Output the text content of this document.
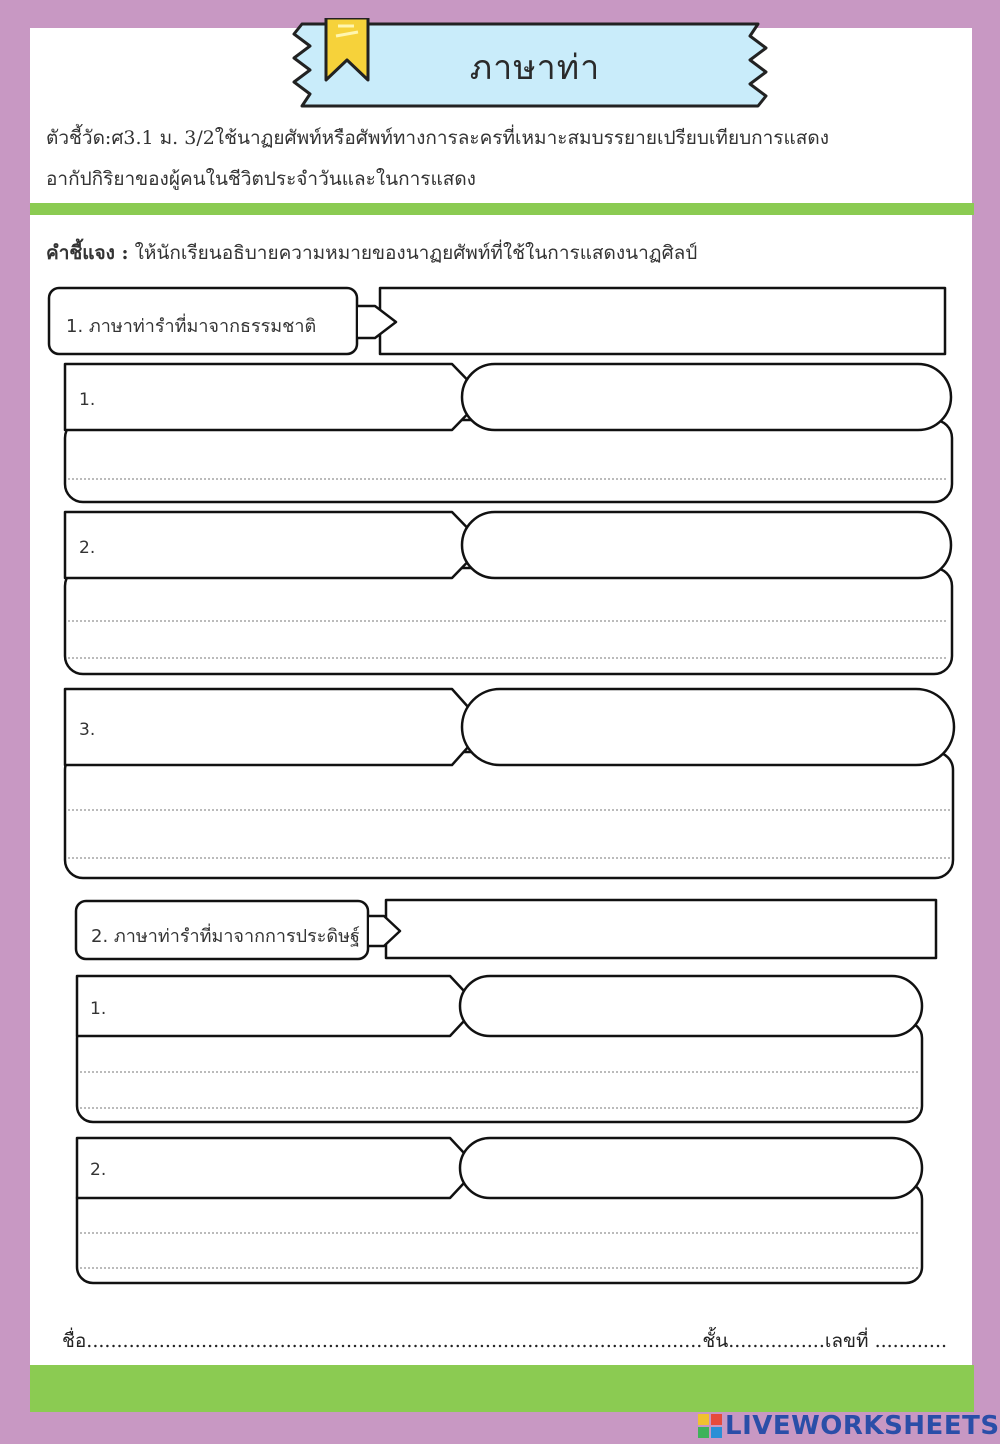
ภาษาท่า
ตัวชี้วัด:ศ3.1 ม. 3/2ใช้นาฏยศัพท์หรือศัพท์ทางการละครที่เหมาะสมบรรยายเปรียบเทียบการแสดง
อากัปกิริยาของผู้คนในชีวิตประจำวันและในการแสดง
คำชี้แจง : ให้นักเรียนอธิบายความหมายของนาฏยศัพท์ที่ใช้ในการแสดงนาฏศิลป์
1. ภาษาท่ารำที่มาจากธรรมชาติ
1.
2.
3.
2. ภาษาท่ารำที่มาจากการประดิษฐ์
1.
2.
ชื่อ......................................................................................................ชั้น................เลขที่ ............
LIVEWORKSHEETS
